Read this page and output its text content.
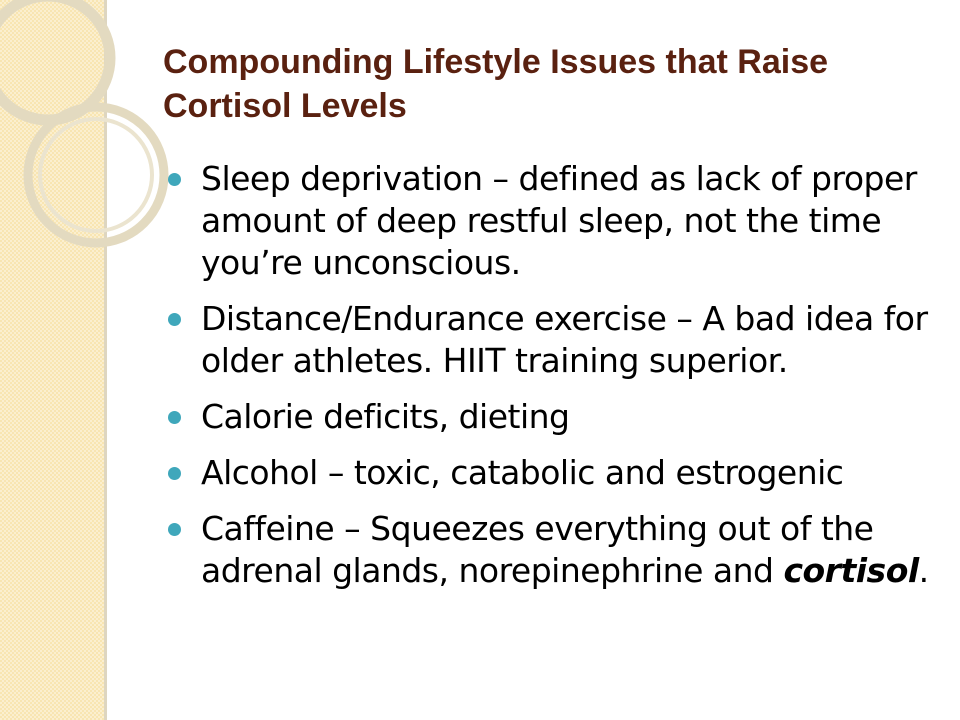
Compounding Lifestyle Issues that Raise Cortisol Levels
Sleep deprivation – defined as lack of proper amount of deep restful sleep, not the time you’re unconscious.
Distance/Endurance exercise – A bad idea for older athletes. HIIT training superior.
Calorie deficits, dieting
Alcohol – toxic, catabolic and estrogenic
Caffeine – Squeezes everything out of the adrenal glands, norepinephrine and cortisol.
